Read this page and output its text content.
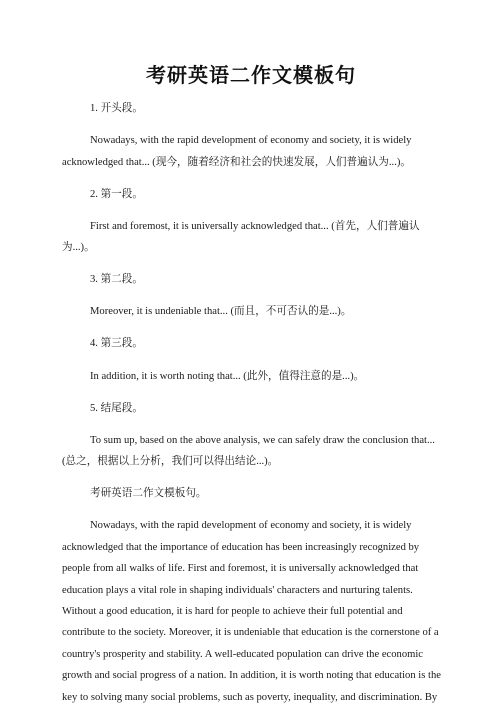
考研英语二作文模板句

1. 开头段。

Nowadays, with the rapid development of economy and society, it is widely acknowledged that... (现今，随着经济和社会的快速发展，人们普遍认为...)。

2. 第一段。

First and foremost, it is universally acknowledged that... (首先，人们普遍认为...)。

3. 第二段。

Moreover, it is undeniable that... (而且，不可否认的是...)。

4. 第三段。

In addition, it is worth noting that... (此外，值得注意的是...)。

5. 结尾段。

To sum up, based on the above analysis, we can safely draw the conclusion that... (总之，根据以上分析，我们可以得出结论...)。

考研英语二作文模板句。

Nowadays, with the rapid development of economy and society, it is widely acknowledged that the importance of education has been increasingly recognized by people from all walks of life. First and foremost, it is universally acknowledged that education plays a vital role in shaping individuals' characters and nurturing talents. Without a good education, it is hard for people to achieve their full potential and contribute to the society. Moreover, it is undeniable that education is the cornerstone of a country's prosperity and stability. A well-educated population can drive the economic growth and social progress of a nation. In addition, it is worth noting that education is the key to solving many social problems, such as poverty, inequality, and discrimination. By
